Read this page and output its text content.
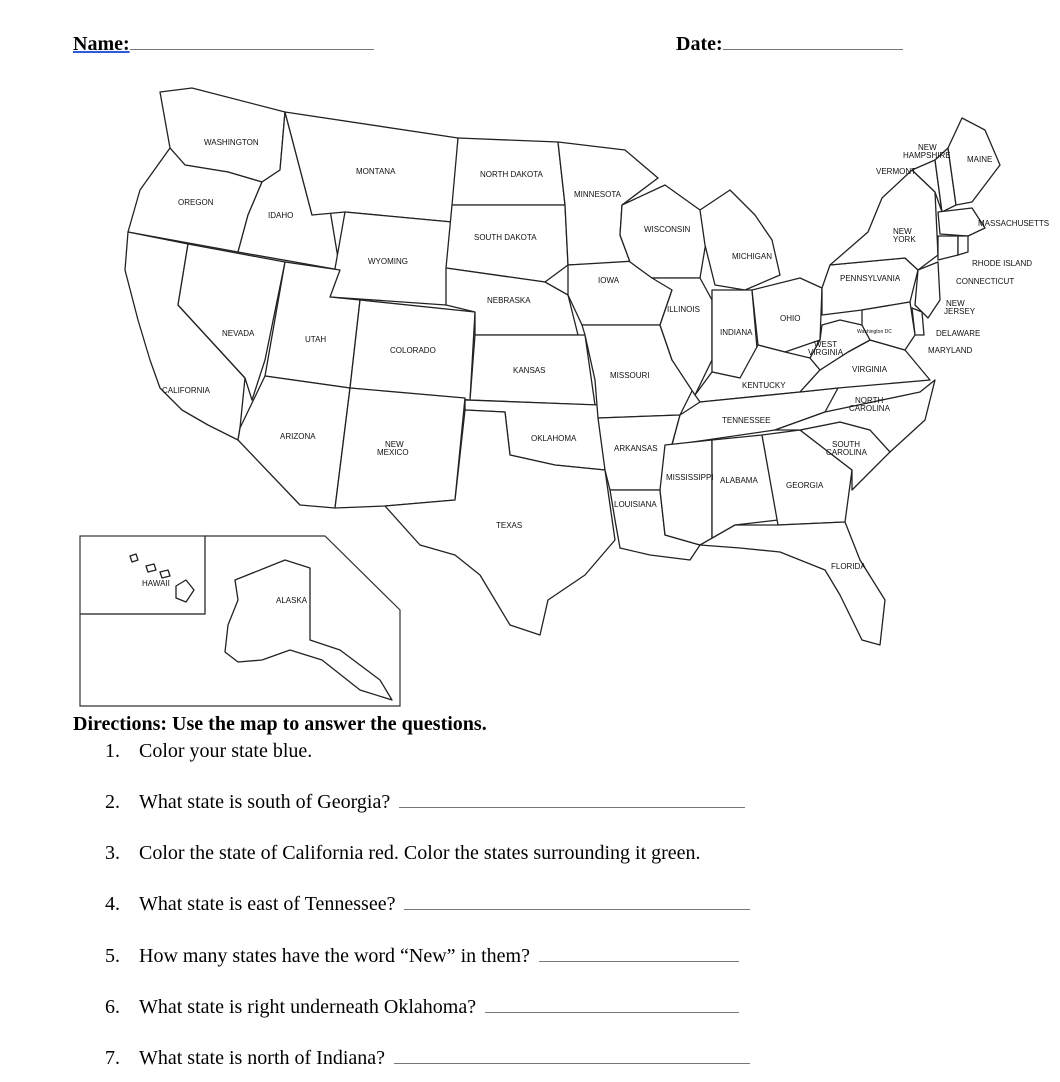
Name:	Date:
WASHINGTON
OREGON
CALIFORNIA
IDAHO
NEVADA
MONTANA
WYOMING
UTAH
ARIZONA
COLORADO
NEW
MEXICO
NORTH DAKOTA
SOUTH DAKOTA
NEBRASKA
KANSAS
OKLAHOMA
TEXAS
MINNESOTA
IOWA
MISSOURI
ARKANSAS
LOUISIANA
WISCONSIN
ILLINOIS
MICHIGAN
INDIANA
OHIO
KENTUCKY
TENNESSEE
MISSISSIPPI ALABAMA
GEORGIA
FLORIDA
SOUTH
CAROLINA
NORTH
CAROLINA
VIRGINIA
WEST
VIRGINIA
PENNSYLVANIA
NEW
YORK
VERMONT
NEW
HAMPSHIRE MAINE
MASSACHUSETTS
RHODE ISLAND
CONNECTICUT
NEW
JERSEY
DELAWARE
MARYLAND
Washington DC
HAWAII
ALASKA
Directions: Use the map to answer the questions.
1. Color your state blue.
2. What state is south of Georgia?
3. Color the state of California red. Color the states surrounding it green.
4. What state is east of Tennessee?
5. How many states have the word “New” in them?
6. What state is right underneath Oklahoma?
7. What state is north of Indiana?
